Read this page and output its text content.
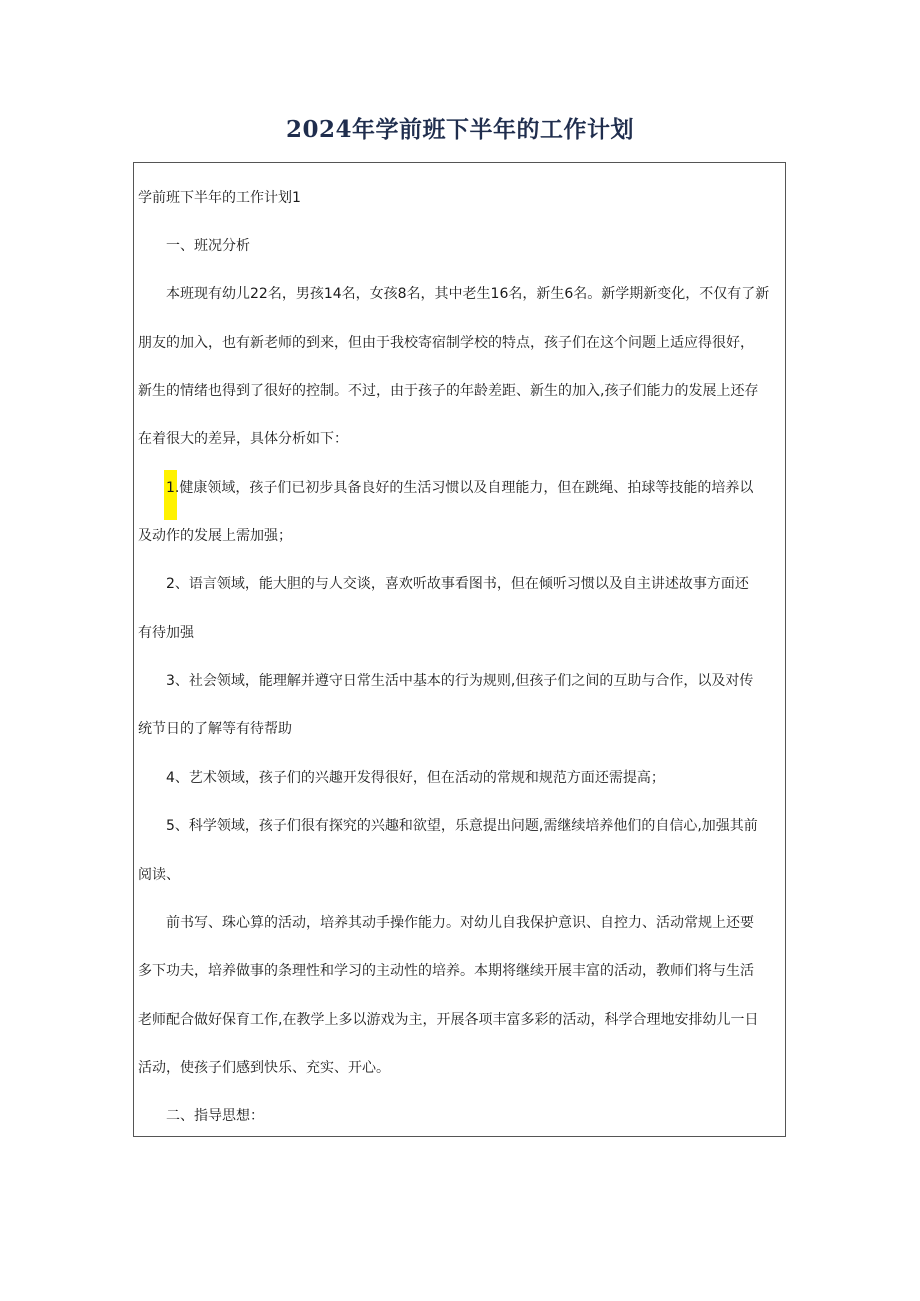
2024年学前班下半年的工作计划
学前班下半年的工作计划1
一、班况分析
本班现有幼儿22名，男孩14名，女孩8名，其中老生16名，新生6名。新学期新变化，不仅有了新
朋友的加入，也有新老师的到来，但由于我校寄宿制学校的特点，孩子们在这个问题上适应得很好，
新生的情绪也得到了很好的控制。不过，由于孩子的年龄差距、新生的加入,孩子们能力的发展上还存
在着很大的差异，具体分析如下：
1.健康领域，孩子们已初步具备良好的生活习惯以及自理能力，但在跳绳、拍球等技能的培养以
及动作的发展上需加强；
2、语言领域，能大胆的与人交谈，喜欢听故事看图书，但在倾听习惯以及自主讲述故事方面还
有待加强
3、社会领域，能理解并遵守日常生活中基本的行为规则,但孩子们之间的互助与合作，以及对传
统节日的了解等有待帮助
4、艺术领域，孩子们的兴趣开发得很好，但在活动的常规和规范方面还需提高；
5、科学领域，孩子们很有探究的兴趣和欲望，乐意提出问题,需继续培养他们的自信心,加强其前
阅读、
前书写、珠心算的活动，培养其动手操作能力。对幼儿自我保护意识、自控力、活动常规上还要
多下功夫，培养做事的条理性和学习的主动性的培养。本期将继续开展丰富的活动，教师们将与生活
老师配合做好保育工作,在教学上多以游戏为主，开展各项丰富多彩的活动，科学合理地安排幼儿一日
活动，使孩子们感到快乐、充实、开心。
二、指导思想：
